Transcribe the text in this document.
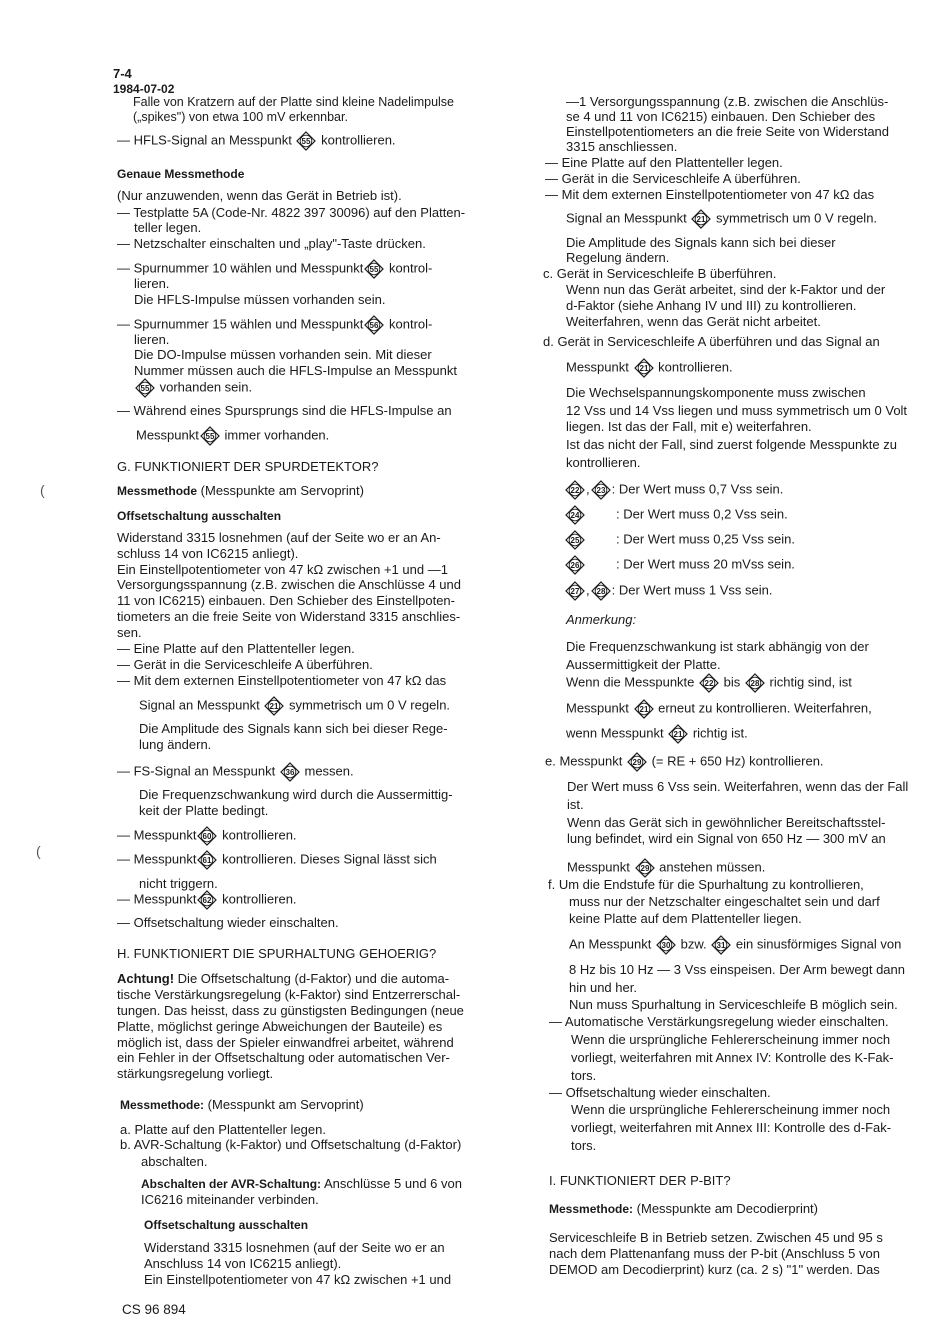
7-4
1984-07-02
(
(
Falle von Kratzern auf der Platte sind kleine Nadelimpulse
(„spikes") von etwa 100 mV erkennbar.
— HFLS-Signal an Messpunkt 55 kontrollieren.
Genaue Messmethode
(Nur anzuwenden, wenn das Gerät in Betrieb ist).
— Testplatte 5A (Code-Nr. 4822 397 30096) auf den Platten-
teller legen.
— Netzschalter einschalten und „play"-Taste drücken.
— Spurnummer 10 wählen und Messpunkt 55 kontrol-
lieren.
Die HFLS-Impulse müssen vorhanden sein.
— Spurnummer 15 wählen und Messpunkt 56 kontrol-
lieren.
Die DO-Impulse müssen vorhanden sein. Mit dieser
Nummer müssen auch die HFLS-Impulse an Messpunkt
55 vorhanden sein.
— Während eines Spursprungs sind die HFLS-Impulse an
Messpunkt 55 immer vorhanden.
G. FUNKTIONIERT DER SPURDETEKTOR?
Messmethode (Messpunkte am Servoprint)
Offsetschaltung ausschalten
Widerstand 3315 losnehmen (auf der Seite wo er an An-
schluss 14 von IC6215 anliegt).
Ein Einstellpotentiometer von 47 kΩ zwischen +1 und —1
Versorgungsspannung (z.B. zwischen die Anschlüsse 4 und
11 von IC6215) einbauen. Den Schieber des Einstellpoten-
tiometers an die freie Seite von Widerstand 3315 anschlies-
sen.
— Eine Platte auf den Plattenteller legen.
— Gerät in die Serviceschleife A überführen.
— Mit dem externen Einstellpotentiometer von 47 kΩ das
Signal an Messpunkt 21 symmetrisch um 0 V regeln.
Die Amplitude des Signals kann sich bei dieser Rege-
lung ändern.
— FS-Signal an Messpunkt 36 messen.
Die Frequenzschwankung wird durch die Aussermittig-
keit der Platte bedingt.
— Messpunkt 60 kontrollieren.
— Messpunkt 61 kontrollieren. Dieses Signal lässt sich
nicht triggern.
— Messpunkt 62 kontrollieren.
— Offsetschaltung wieder einschalten.
H. FUNKTIONIERT DIE SPURHALTUNG GEHOERIG?
Achtung! Die Offsetschaltung (d-Faktor) und die automa-
tische Verstärkungsregelung (k-Faktor) sind Entzerrerschal-
tungen. Das heisst, dass zu günstigsten Bedingungen (neue
Platte, möglichst geringe Abweichungen der Bauteile) es
möglich ist, dass der Spieler einwandfrei arbeitet, während
ein Fehler in der Offsetschaltung oder automatischen Ver-
stärkungsregelung vorliegt.
Messmethode: (Messpunkt am Servoprint)
a. Platte auf den Plattenteller legen.
b. AVR-Schaltung (k-Faktor) und Offsetschaltung (d-Faktor)
abschalten.
Abschalten der AVR-Schaltung: Anschlüsse 5 und 6 von
IC6216 miteinander verbinden.
Offsetschaltung ausschalten
Widerstand 3315 losnehmen (auf der Seite wo er an
Anschluss 14 von IC6215 anliegt).
Ein Einstellpotentiometer von 47 kΩ zwischen +1 und
CS 96 894
—1 Versorgungsspannung (z.B. zwischen die Anschlüs-
se 4 und 11 von IC6215) einbauen. Den Schieber des
Einstellpotentiometers an die freie Seite von Widerstand
3315 anschliessen.
— Eine Platte auf den Plattenteller legen.
— Gerät in die Serviceschleife A überführen.
— Mit dem externen Einstellpotentiometer von 47 kΩ das
Signal an Messpunkt 21 symmetrisch um 0 V regeln.
Die Amplitude des Signals kann sich bei dieser
Regelung ändern.
c. Gerät in Serviceschleife B überführen.
Wenn nun das Gerät arbeitet, sind der k-Faktor und der
d-Faktor (siehe Anhang IV und III) zu kontrollieren.
Weiterfahren, wenn das Gerät nicht arbeitet.
d. Gerät in Serviceschleife A überführen und das Signal an
Messpunkt 21 kontrollieren.
Die Wechselspannungskomponente muss zwischen
12 Vss und 14 Vss liegen und muss symmetrisch um 0 Volt
liegen. Ist das der Fall, mit e) weiterfahren.
Ist das nicht der Fall, sind zuerst folgende Messpunkte zu
kontrollieren.
22 , 23 : Der Wert muss 0,7 Vss sein.
24	: Der Wert muss 0,2 Vss sein.
25	: Der Wert muss 0,25 Vss sein.
26	: Der Wert muss 20 mVss sein.
27 , 28 : Der Wert muss 1 Vss sein.
Anmerkung:
Die Frequenzschwankung ist stark abhängig von der
Aussermittigkeit der Platte.
Wenn die Messpunkte 22 bis 28 richtig sind, ist
Messpunkt 21 erneut zu kontrollieren. Weiterfahren,
wenn Messpunkt 21 richtig ist.
e. Messpunkt 29 (= RE + 650 Hz) kontrollieren.
Der Wert muss 6 Vss sein. Weiterfahren, wenn das der Fall
ist.
Wenn das Gerät sich in gewöhnlicher Bereitschaftsstel-
lung befindet, wird ein Signal von 650 Hz — 300 mV an
Messpunkt 29 anstehen müssen.
f. Um die Endstufe für die Spurhaltung zu kontrollieren,
muss nur der Netzschalter eingeschaltet sein und darf
keine Platte auf dem Plattenteller liegen.
An Messpunkt 30 bzw. 31 ein sinusförmiges Signal von
8 Hz bis 10 Hz — 3 Vss einspeisen. Der Arm bewegt dann
hin und her.
Nun muss Spurhaltung in Serviceschleife B möglich sein.
— Automatische Verstärkungsregelung wieder einschalten.
Wenn die ursprüngliche Fehlererscheinung immer noch
vorliegt, weiterfahren mit Annex IV: Kontrolle des K-Fak-
tors.
— Offsetschaltung wieder einschalten.
Wenn die ursprüngliche Fehlererscheinung immer noch
vorliegt, weiterfahren mit Annex III: Kontrolle des d-Fak-
tors.
I. FUNKTIONIERT DER P-BIT?
Messmethode: (Messpunkte am Decodierprint)
Serviceschleife B in Betrieb setzen. Zwischen 45 und 95 s
nach dem Plattenanfang muss der P-bit (Anschluss 5 von
DEMOD am Decodierprint) kurz (ca. 2 s) "1" werden. Das
